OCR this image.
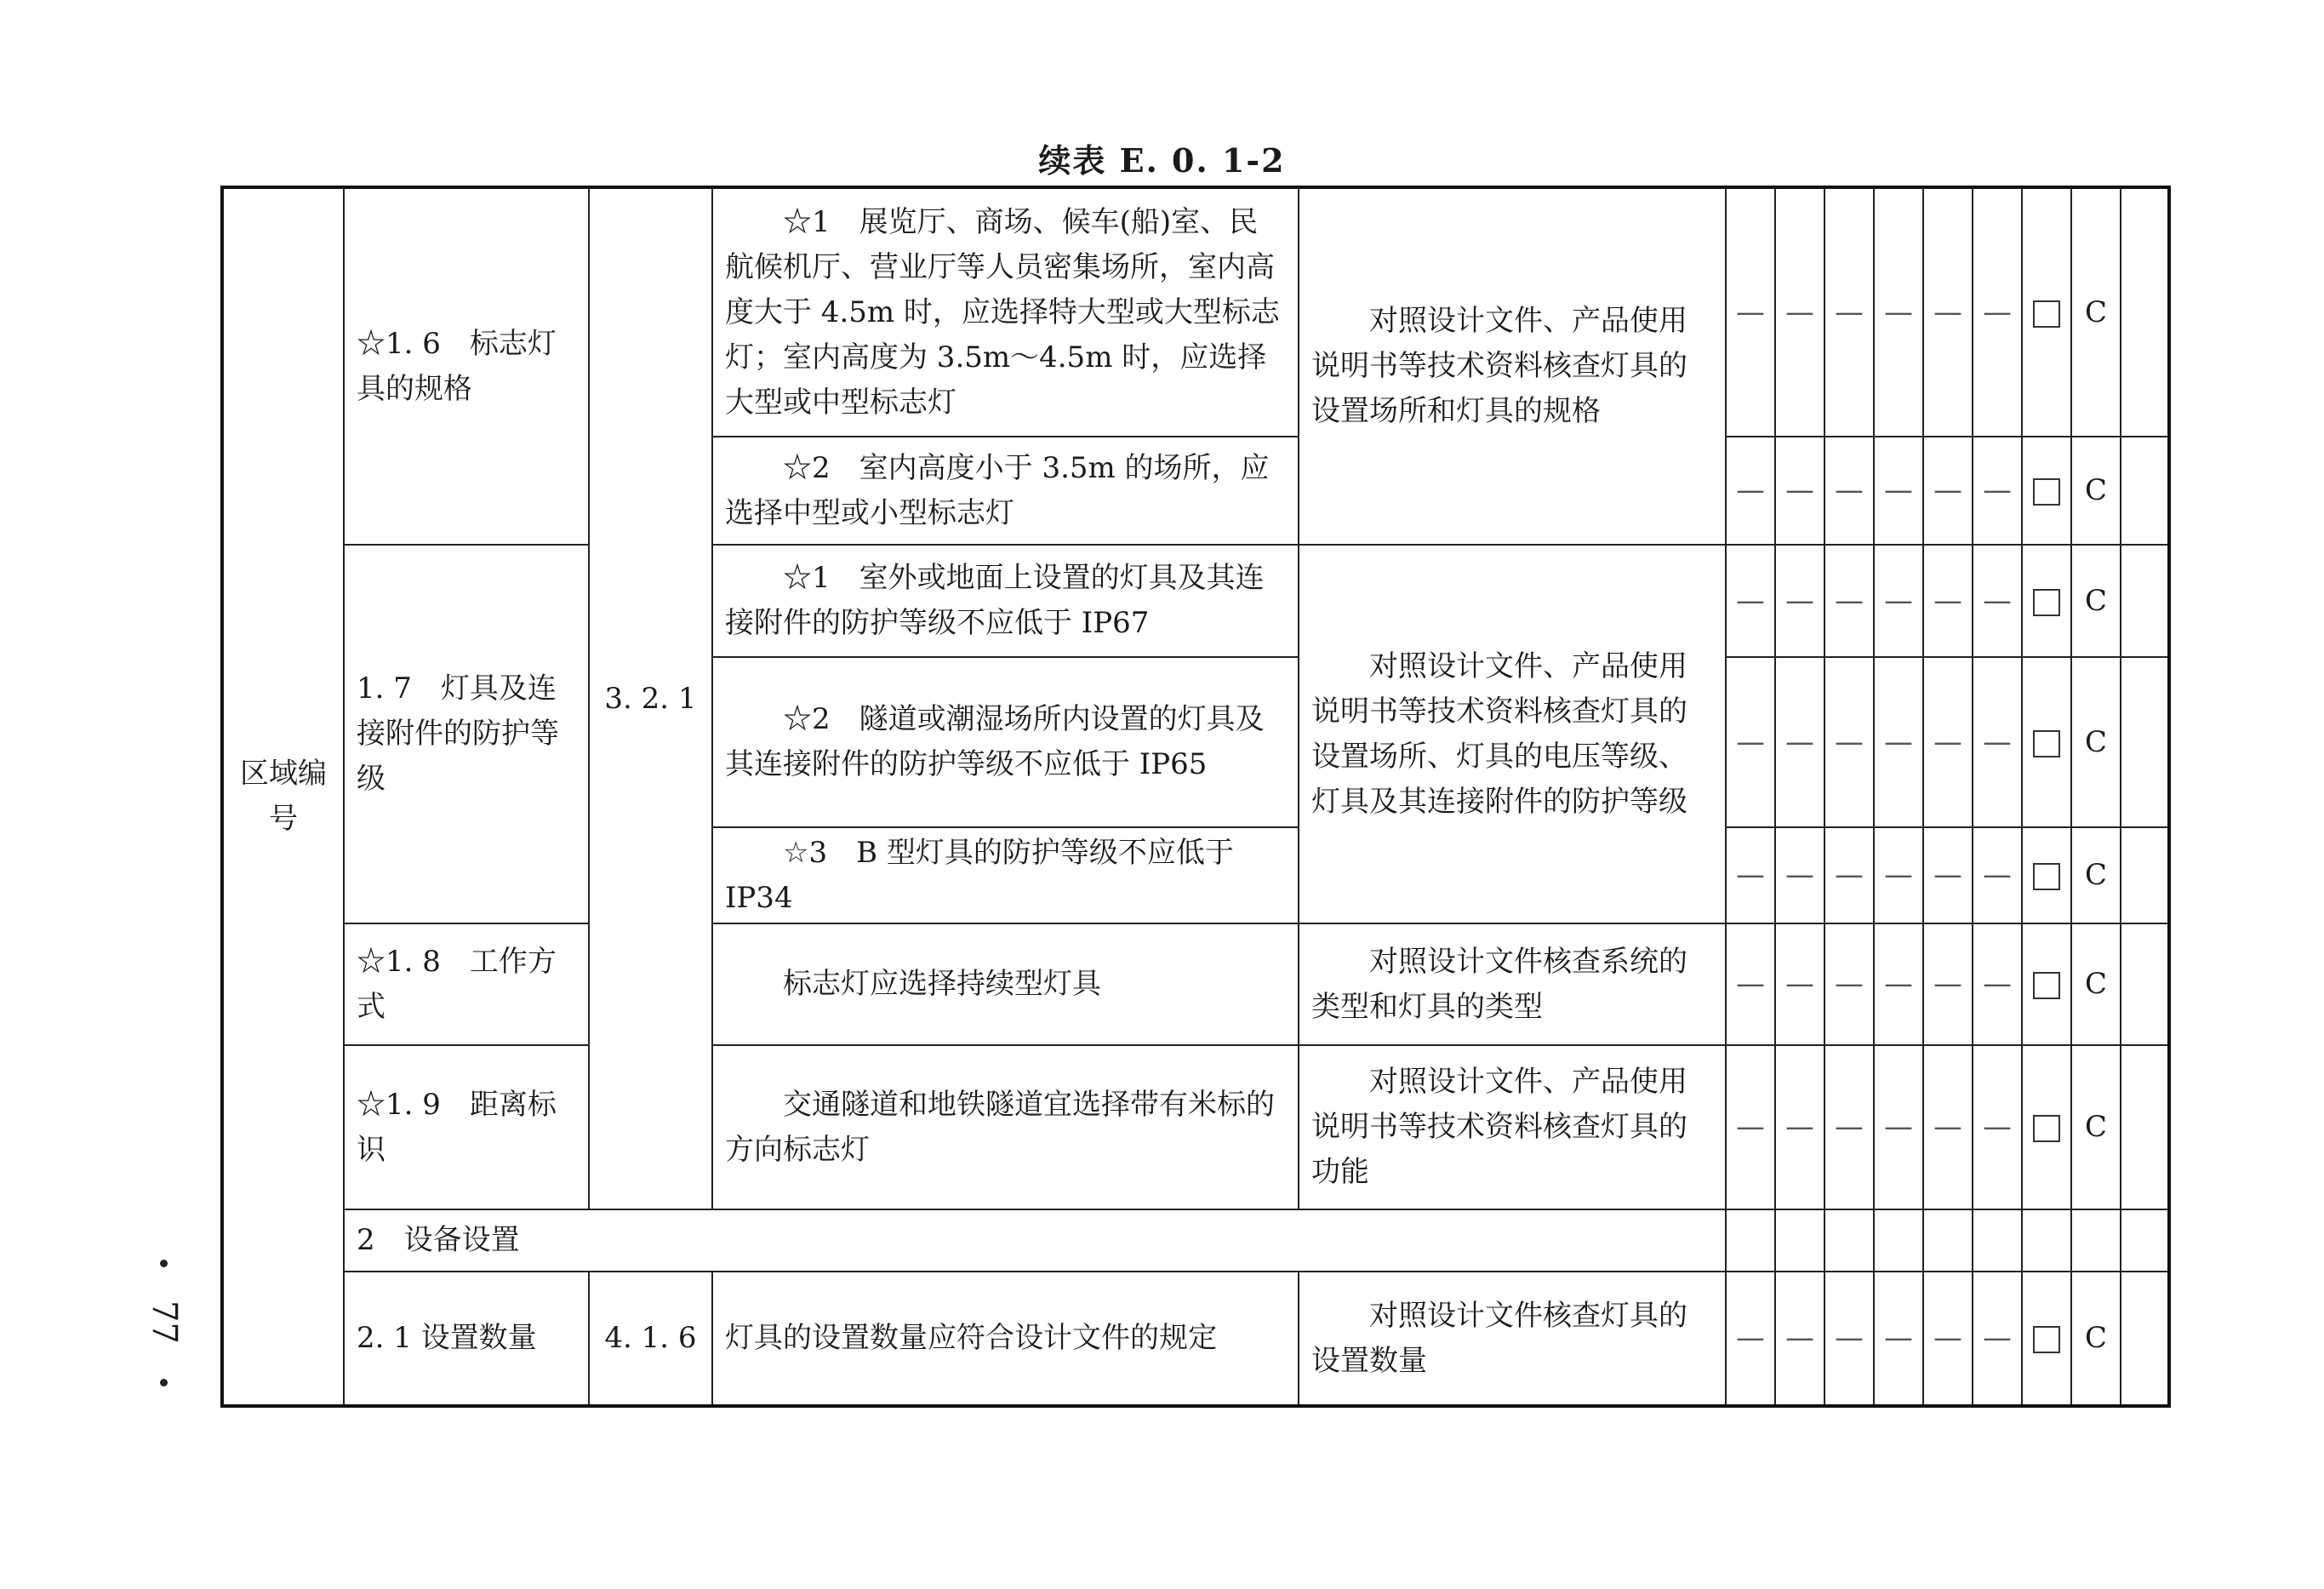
续表 E. 0. 1-2
77
区域编号	☆1. 6　标志灯具的规格	3. 2. 1	☆1　展览厅、商场、候车(船)室、民航候机厅、营业厅等人员密集场所，室内高度大于 4.5m 时，应选择特大型或大型标志灯；室内高度为 3.5m～4.5m 时，应选择大型或中型标志灯	对照设计文件、产品使用说明书等技术资料核查灯具的设置场所和灯具的规格	—	—	—	—	—	—		C	
			☆2　室内高度小于 3.5m 的场所，应选择中型或小型标志灯		—	—	—	—	—	—		C	
	1. 7　灯具及连接附件的防护等级		☆1　室外或地面上设置的灯具及其连接附件的防护等级不应低于 IP67	对照设计文件、产品使用说明书等技术资料核查灯具的设置场所、灯具的电压等级、灯具及其连接附件的防护等级	—	—	—	—	—	—		C	
			☆2　隧道或潮湿场所内设置的灯具及其连接附件的防护等级不应低于 IP65		—	—	—	—	—	—		C	
			☆3　B 型灯具的防护等级不应低于 IP34		—	—	—	—	—	—		C	
	☆1. 8　工作方式		标志灯应选择持续型灯具	对照设计文件核查系统的类型和灯具的类型	—	—	—	—	—	—		C	
	☆1. 9　距离标识		交通隧道和地铁隧道宜选择带有米标的方向标志灯	对照设计文件、产品使用说明书等技术资料核查灯具的功能	—	—	—	—	—	—		C	
	2　设备设置												
	2. 1 设置数量	4. 1. 6	灯具的设置数量应符合设计文件的规定	对照设计文件核查灯具的设置数量	—	—	—	—	—	—		C	
